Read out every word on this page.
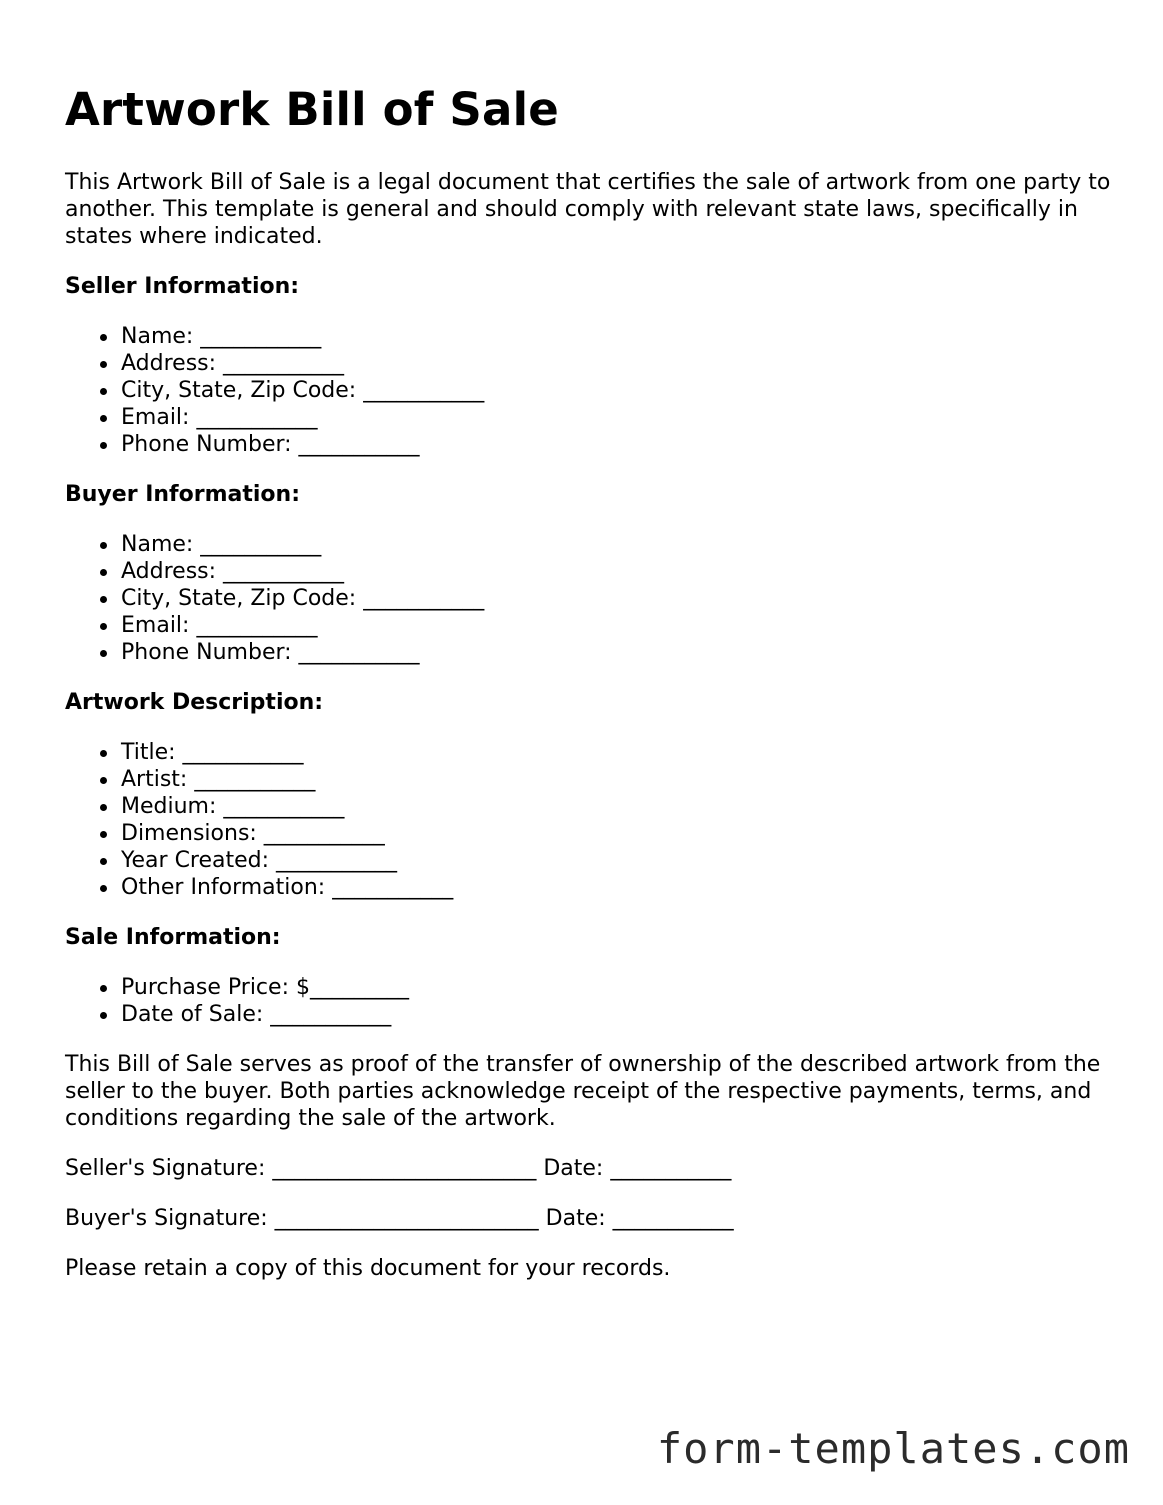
Artwork Bill of Sale

This Artwork Bill of Sale is a legal document that certifies the sale of artwork from one party to another. This template is general and should comply with relevant state laws, specifically in states where indicated.

Seller Information:
Name: ___________
Address: ___________
City, State, Zip Code: ___________
Email: ___________
Phone Number: ___________
Buyer Information:
Name: ___________
Address: ___________
City, State, Zip Code: ___________
Email: ___________
Phone Number: ___________
Artwork Description:
Title: ___________
Artist: ___________
Medium: ___________
Dimensions: ___________
Year Created: ___________
Other Information: ___________
Sale Information:
Purchase Price: $_________
Date of Sale: ___________

This Bill of Sale serves as proof of the transfer of ownership of the described artwork from the seller to the buyer. Both parties acknowledge receipt of the respective payments, terms, and conditions regarding the sale of the artwork.

Seller's Signature: ________________________ Date: ___________

Buyer's Signature: ________________________ Date: ___________

Please retain a copy of this document for your records.

form-templates.com
